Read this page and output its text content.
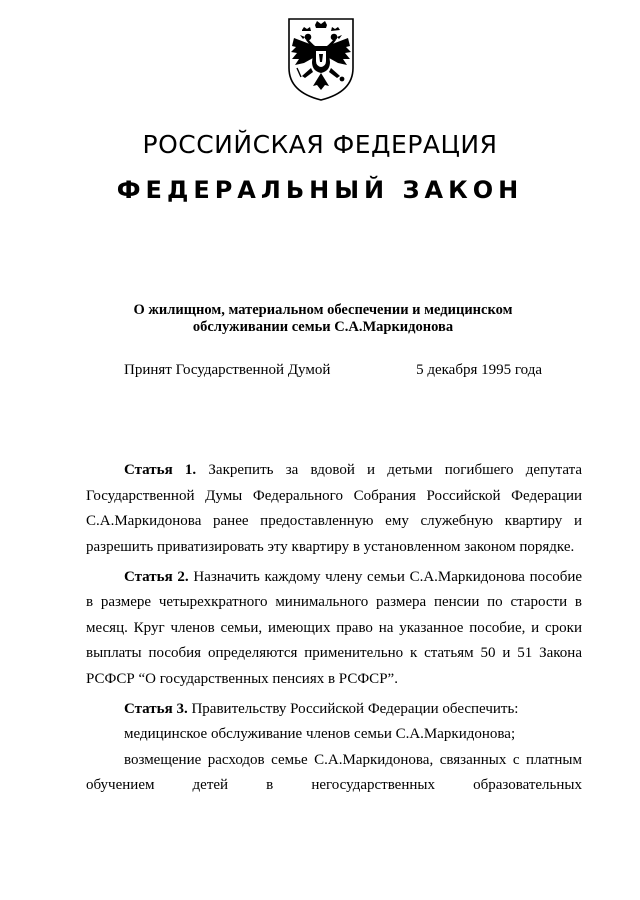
РОССИЙСКАЯ ФЕДЕРАЦИЯ
ФЕДЕРАЛЬНЫЙ ЗАКОН
О жилищном, материальном обеспечении и медицинском
обслуживании семьи С.А.Маркидонова
Принят Государственной Думой	5 декабря 1995 года

Статья 1. Закрепить за вдовой и детьми погибшего депутата Государственной Думы Федерального Собрания Российской Федерации С.А.Маркидонова ранее предоставленную ему служебную квартиру и разрешить приватизировать эту квартиру в установленном законом порядке.

Статья 2. Назначить каждому члену семьи С.А.Маркидонова пособие в размере четырехкратного минимального размера пенсии по старости в месяц. Круг членов семьи, имеющих право на указанное пособие, и сроки выплаты пособия определяются применительно к статьям 50 и 51 Закона РСФСР “О государственных пенсиях в РСФСР”.

Статья 3. Правительству Российской Федерации обеспечить:

медицинское обслуживание членов семьи С.А.Маркидонова;

возмещение расходов семье С.А.Маркидонова, связанных с платным обучением детей в негосударственных образовательных
